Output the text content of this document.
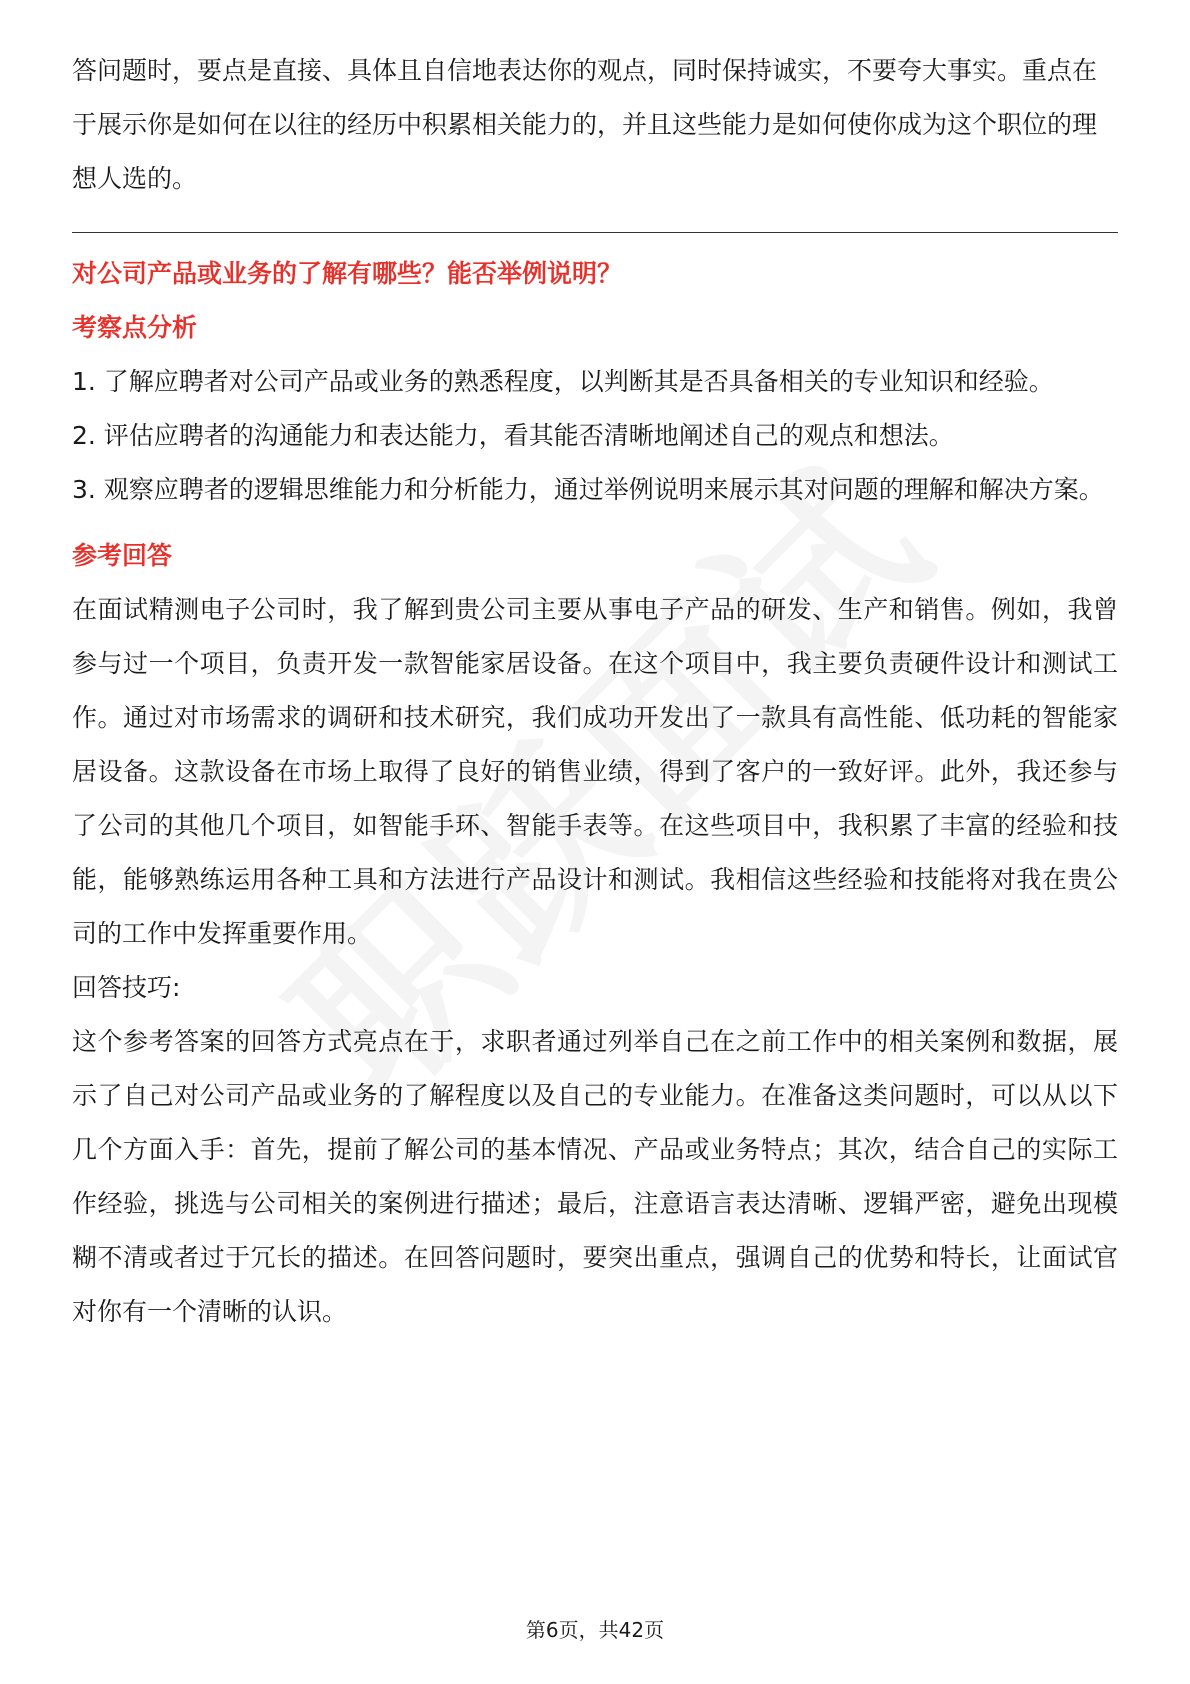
答问题时，要点是直接、具体且自信地表达你的观点，同时保持诚实，不要夸大事实。重点在于展示你是如何在以往的经历中积累相关能力的，并且这些能力是如何使你成为这个职位的理想人选的。

对公司产品或业务的了解有哪些？能否举例说明？

考察点分析

1. 了解应聘者对公司产品或业务的熟悉程度，以判断其是否具备相关的专业知识和经验。

2. 评估应聘者的沟通能力和表达能力，看其能否清晰地阐述自己的观点和想法。

3. 观察应聘者的逻辑思维能力和分析能力，通过举例说明来展示其对问题的理解和解决方案。

参考回答

在面试精测电子公司时，我了解到贵公司主要从事电子产品的研发、生产和销售。例如，我曾参与过一个项目，负责开发一款智能家居设备。在这个项目中，我主要负责硬件设计和测试工作。通过对市场需求的调研和技术研究，我们成功开发出了一款具有高性能、低功耗的智能家居设备。这款设备在市场上取得了良好的销售业绩，得到了客户的一致好评。此外，我还参与了公司的其他几个项目，如智能手环、智能手表等。在这些项目中，我积累了丰富的经验和技能，能够熟练运用各种工具和方法进行产品设计和测试。我相信这些经验和技能将对我在贵公司的工作中发挥重要作用。

回答技巧:

这个参考答案的回答方式亮点在于，求职者通过列举自己在之前工作中的相关案例和数据，展示了自己对公司产品或业务的了解程度以及自己的专业能力。在准备这类问题时，可以从以下几个方面入手：首先，提前了解公司的基本情况、产品或业务特点；其次，结合自己的实际工作经验，挑选与公司相关的案例进行描述；最后，注意语言表达清晰、逻辑严密，避免出现模糊不清或者过于冗长的描述。在回答问题时，要突出重点，强调自己的优势和特长，让面试官对你有一个清晰的认识。

第6页，共42页
